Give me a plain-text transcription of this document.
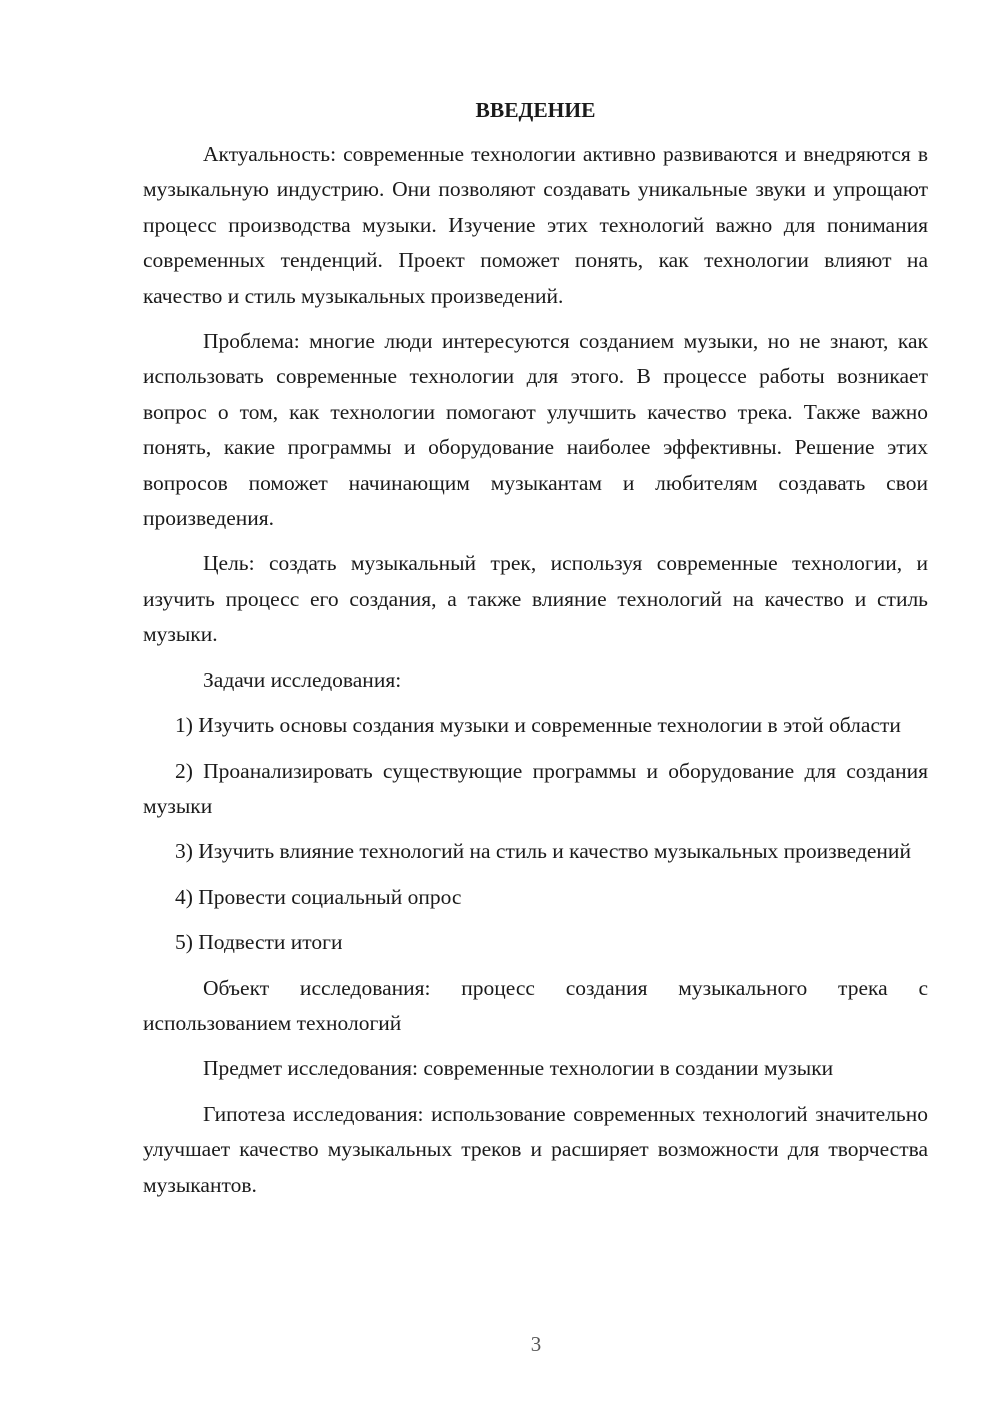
ВВЕДЕНИЕ

Актуальность: современные технологии активно развиваются и внедряются в музыкальную индустрию. Они позволяют создавать уникальные звуки и упрощают процесс производства музыки. Изучение этих технологий важно для понимания современных тенденций. Проект поможет понять, как технологии влияют на качество и стиль музыкальных произведений.

Проблема: многие люди интересуются созданием музыки, но не знают, как использовать современные технологии для этого. В процессе работы возникает вопрос о том, как технологии помогают улучшить качество трека. Также важно понять, какие программы и оборудование наиболее эффективны. Решение этих вопросов поможет начинающим музыкантам и любителям создавать свои произведения.

Цель: создать музыкальный трек, используя современные технологии, и изучить процесс его создания, а также влияние технологий на качество и стиль музыки.

Задачи исследования:

1) Изучить основы создания музыки и современные технологии в этой области

2) Проанализировать существующие программы и оборудование для создания музыки

3) Изучить влияние технологий на стиль и качество музыкальных произведений

4) Провести социальный опрос

5) Подвести итоги

Объект исследования: процесс создания музыкального трека с использованием технологий

Предмет исследования: современные технологии в создании музыки

Гипотеза исследования: использование современных технологий значительно улучшает качество музыкальных треков и расширяет возможности для творчества музыкантов.

3
